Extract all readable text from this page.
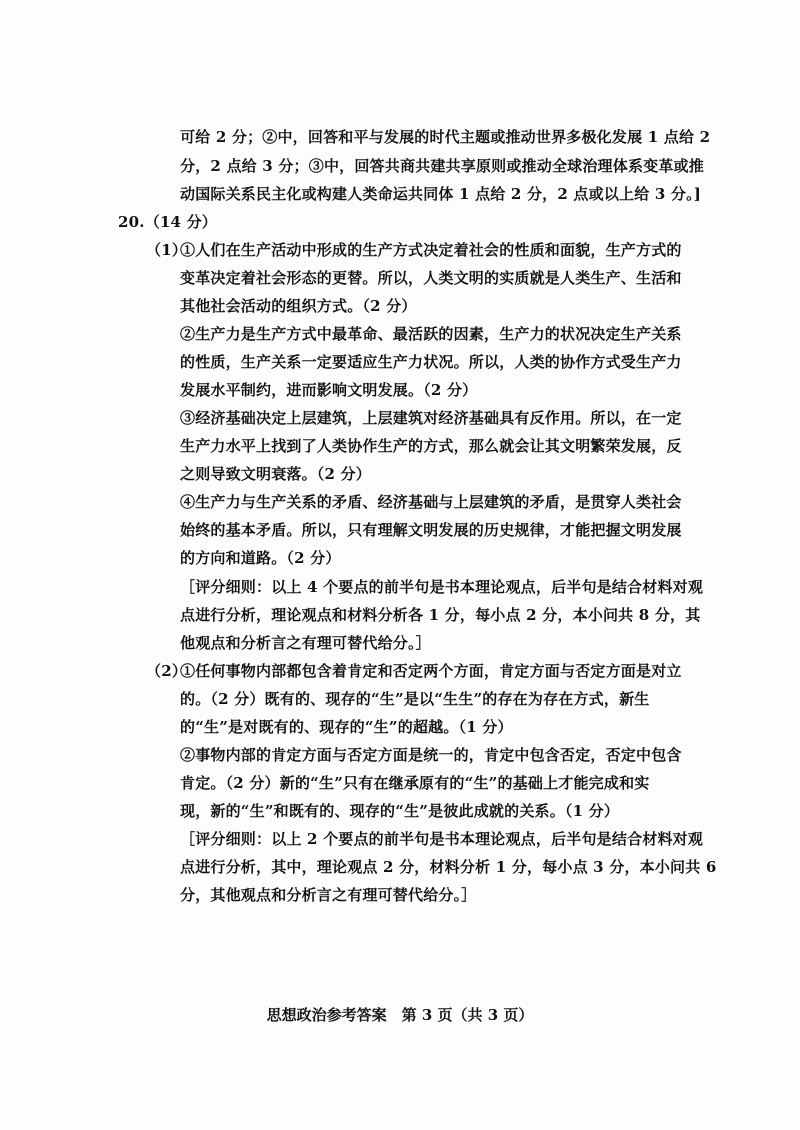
可给 2 分；②中，回答和平与发展的时代主题或推动世界多极化发展 1 点给 2
分，2 点给 3 分；③中，回答共商共建共享原则或推动全球治理体系变革或推
动国际关系民主化或构建人类命运共同体 1 点给 2 分，2 点或以上给 3 分。]
20.（14 分）
（1）
①人们在生产活动中形成的生产方式决定着社会的性质和面貌，生产方式的
变革决定着社会形态的更替。所以，人类文明的实质就是人类生产、生活和
其他社会活动的组织方式。（2 分）
②生产力是生产方式中最革命、最活跃的因素，生产力的状况决定生产关系
的性质，生产关系一定要适应生产力状况。所以，人类的协作方式受生产力
发展水平制约，进而影响文明发展。（2 分）
③经济基础决定上层建筑，上层建筑对经济基础具有反作用。所以，在一定
生产力水平上找到了人类协作生产的方式，那么就会让其文明繁荣发展，反
之则导致文明衰落。（2 分）
④生产力与生产关系的矛盾、经济基础与上层建筑的矛盾，是贯穿人类社会
始终的基本矛盾。所以，只有理解文明发展的历史规律，才能把握文明发展
的方向和道路。（2 分）
［评分细则：以上 4 个要点的前半句是书本理论观点，后半句是结合材料对观
点进行分析，理论观点和材料分析各 1 分，每小点 2 分，本小问共 8 分，其
他观点和分析言之有理可替代给分。］
（2）
①任何事物内部都包含着肯定和否定两个方面，肯定方面与否定方面是对立
的。（2 分）既有的、现存的“生”是以“生生”的存在为存在方式，新生
的“生”是对既有的、现存的“生”的超越。（1 分）
②事物内部的肯定方面与否定方面是统一的，肯定中包含否定，否定中包含
肯定。（2 分）新的“生”只有在继承原有的“生”的基础上才能完成和实
现，新的“生”和既有的、现存的“生”是彼此成就的关系。（1 分）
［评分细则：以上 2 个要点的前半句是书本理论观点，后半句是结合材料对观
点进行分析，其中，理论观点 2 分，材料分析 1 分，每小点 3 分，本小问共 6
分，其他观点和分析言之有理可替代给分。］
思想政治参考答案　第 3 页（共 3 页）
